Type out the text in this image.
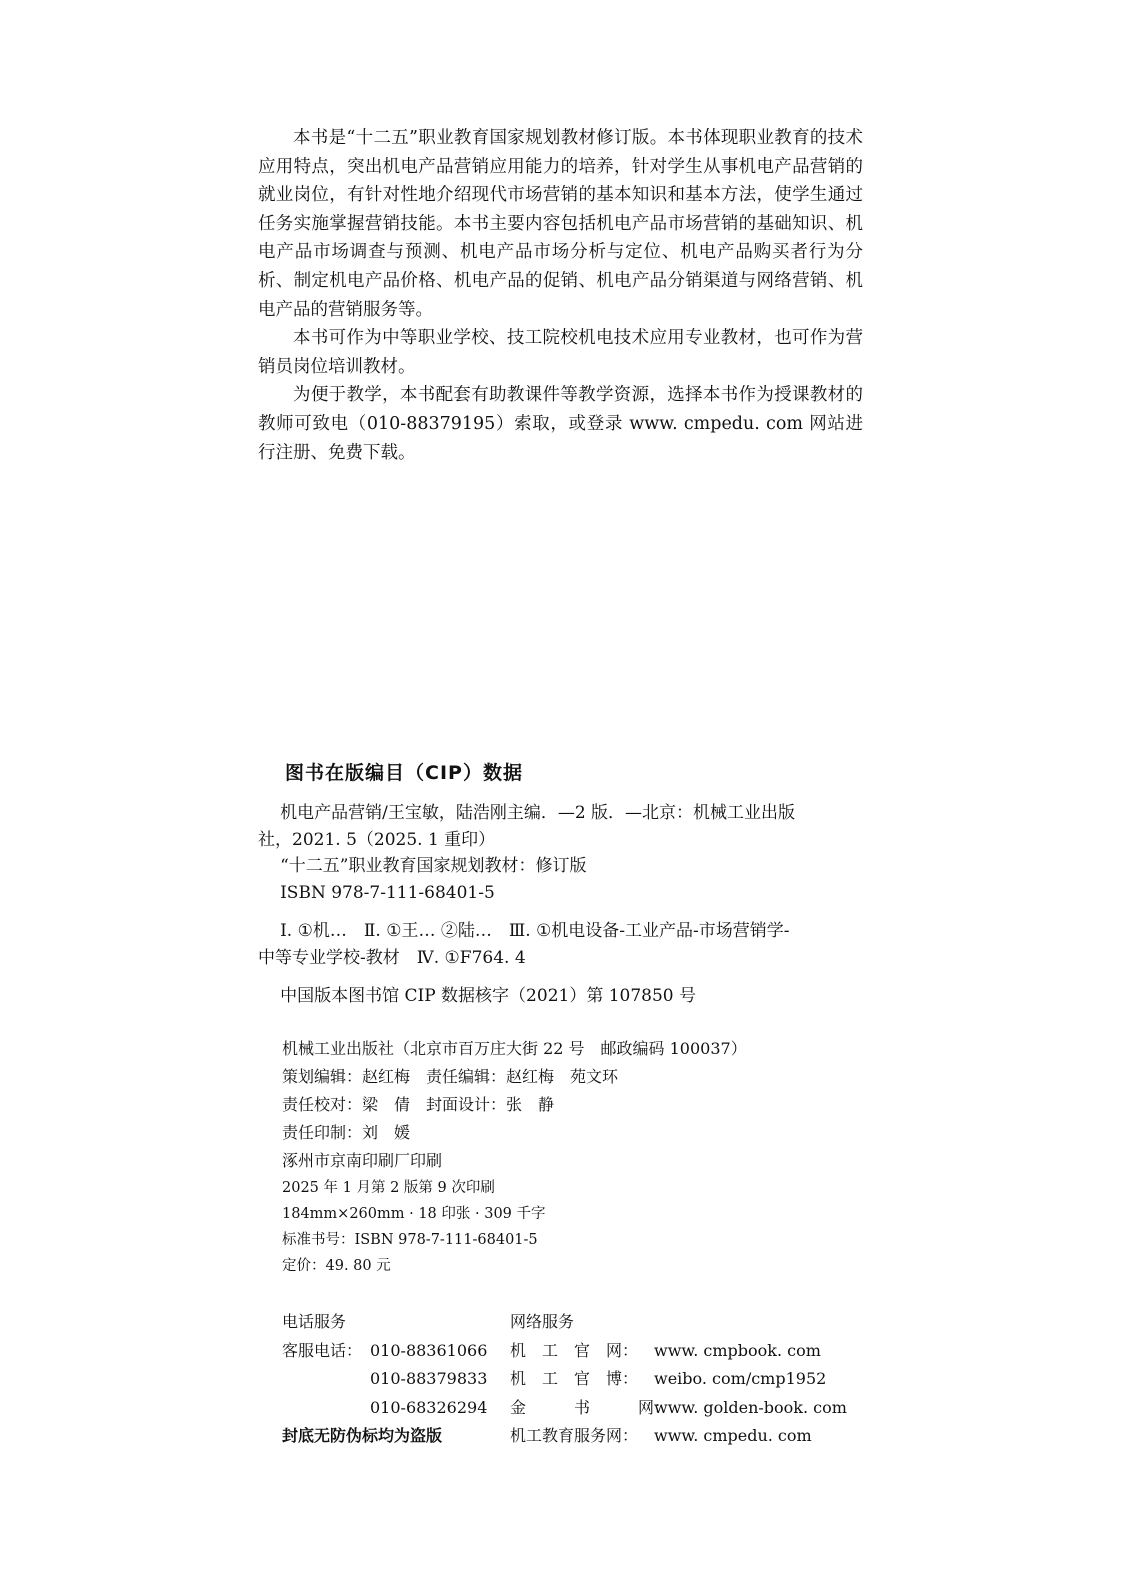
本书是“十二五”职业教育国家规划教材修订版。本书体现职业教育的技术应用特点，突出机电产品营销应用能力的培养，针对学生从事机电产品营销的就业岗位，有针对性地介绍现代市场营销的基本知识和基本方法，使学生通过任务实施掌握营销技能。本书主要内容包括机电产品市场营销的基础知识、机电产品市场调查与预测、机电产品市场分析与定位、机电产品购买者行为分析、制定机电产品价格、机电产品的促销、机电产品分销渠道与网络营销、机电产品的营销服务等。

本书可作为中等职业学校、技工院校机电技术应用专业教材，也可作为营销员岗位培训教材。

为便于教学，本书配套有助教课件等教学资源，选择本书作为授课教材的教师可致电（010-88379195）索取，或登录 www. cmpedu. com 网站进行注册、免费下载。

图书在版编目（CIP）数据
机电产品营销/王宝敏，陆浩刚主编．—2 版．—北京：机械工业出版
社，2021. 5（2025. 1 重印）
“十二五”职业教育国家规划教材：修订版
ISBN 978-7-111-68401-5
Ⅰ. ①机…　Ⅱ. ①王… ②陆…　Ⅲ. ①机电设备-工业产品-市场营销学-
中等专业学校-教材　Ⅳ. ①F764. 4
中国版本图书馆 CIP 数据核字（2021）第 107850 号
机械工业出版社（北京市百万庄大街 22 号　邮政编码 100037）
策划编辑：赵红梅　责任编辑：赵红梅　苑文环
责任校对：梁　倩　封面设计：张　静
责任印制：刘　媛
涿州市京南印刷厂印刷
2025 年 1 月第 2 版第 9 次印刷
184mm×260mm · 18 印张 · 309 千字
标准书号：ISBN 978-7-111-68401-5
定价：49. 80 元
电话服务	网络服务
客服电话： 010-88361066 机　工　官　网： www. cmpbook. com
010-88379833 机　工　官　博： weibo. com/cmp1952
010-68326294 金　　　书　　　网：
www. golden-book. com
封底无防伪标均为盗版	机工教育服务网： www. cmpedu. com
